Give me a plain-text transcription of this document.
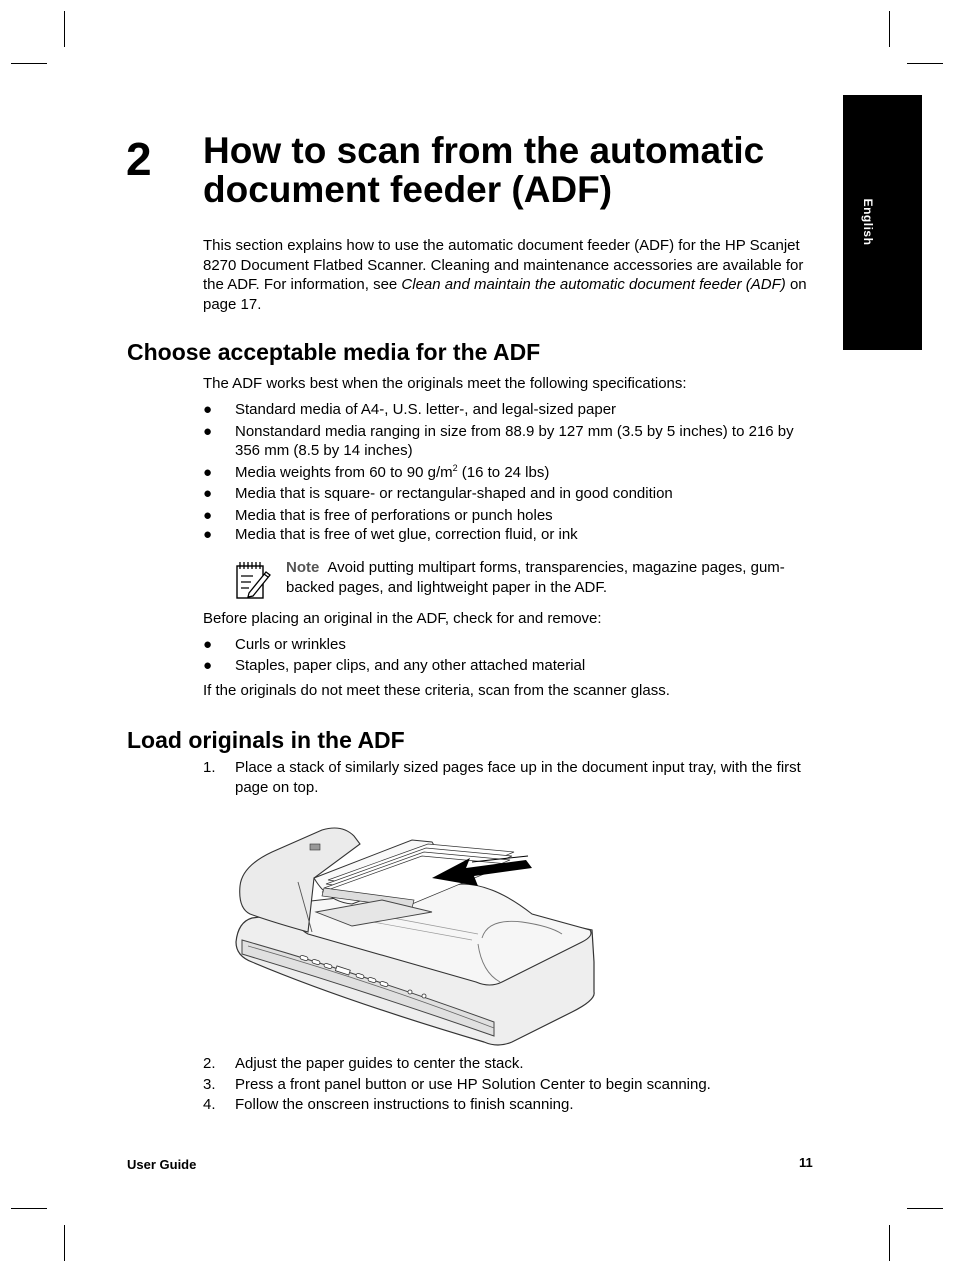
English
2 How to scan from the automatic document feeder (ADF)

This section explains how to use the automatic document feeder (ADF) for the HP Scanjet 8270 Document Flatbed Scanner. Cleaning and maintenance accessories are available for the ADF. For information, see Clean and maintain the automatic document feeder (ADF) on page 17.

Choose acceptable media for the ADF

The ADF works best when the originals meet the following specifications:

●	Standard media of A4-, U.S. letter-, and legal-sized paper
●	Nonstandard media ranging in size from 88.9 by 127 mm (3.5 by 5 inches) to 216 by 356 mm (8.5 by 14 inches)
●	Media weights from 60 to 90 $g/m^2$ (16 to 24 lbs)
●	Media that is square- or rectangular-shaped and in good condition
●	Media that is free of perforations or punch holes
●	Media that is free of wet glue, correction fluid, or ink

Note Avoid putting multipart forms, transparencies, magazine pages, gum-backed pages, and lightweight paper in the ADF.

Before placing an original in the ADF, check for and remove:

●	Curls or wrinkles
●	Staples, paper clips, and any other attached material

If the originals do not meet these criteria, scan from the scanner glass.

Load originals in the ADF
1.	Place a stack of similarly sized pages face up in the document input tray, with the first page on top.
2.	Adjust the paper guides to center the stack.
3.	Press a front panel button or use HP Solution Center to begin scanning.
4.	Follow the onscreen instructions to finish scanning.
User Guide	11
